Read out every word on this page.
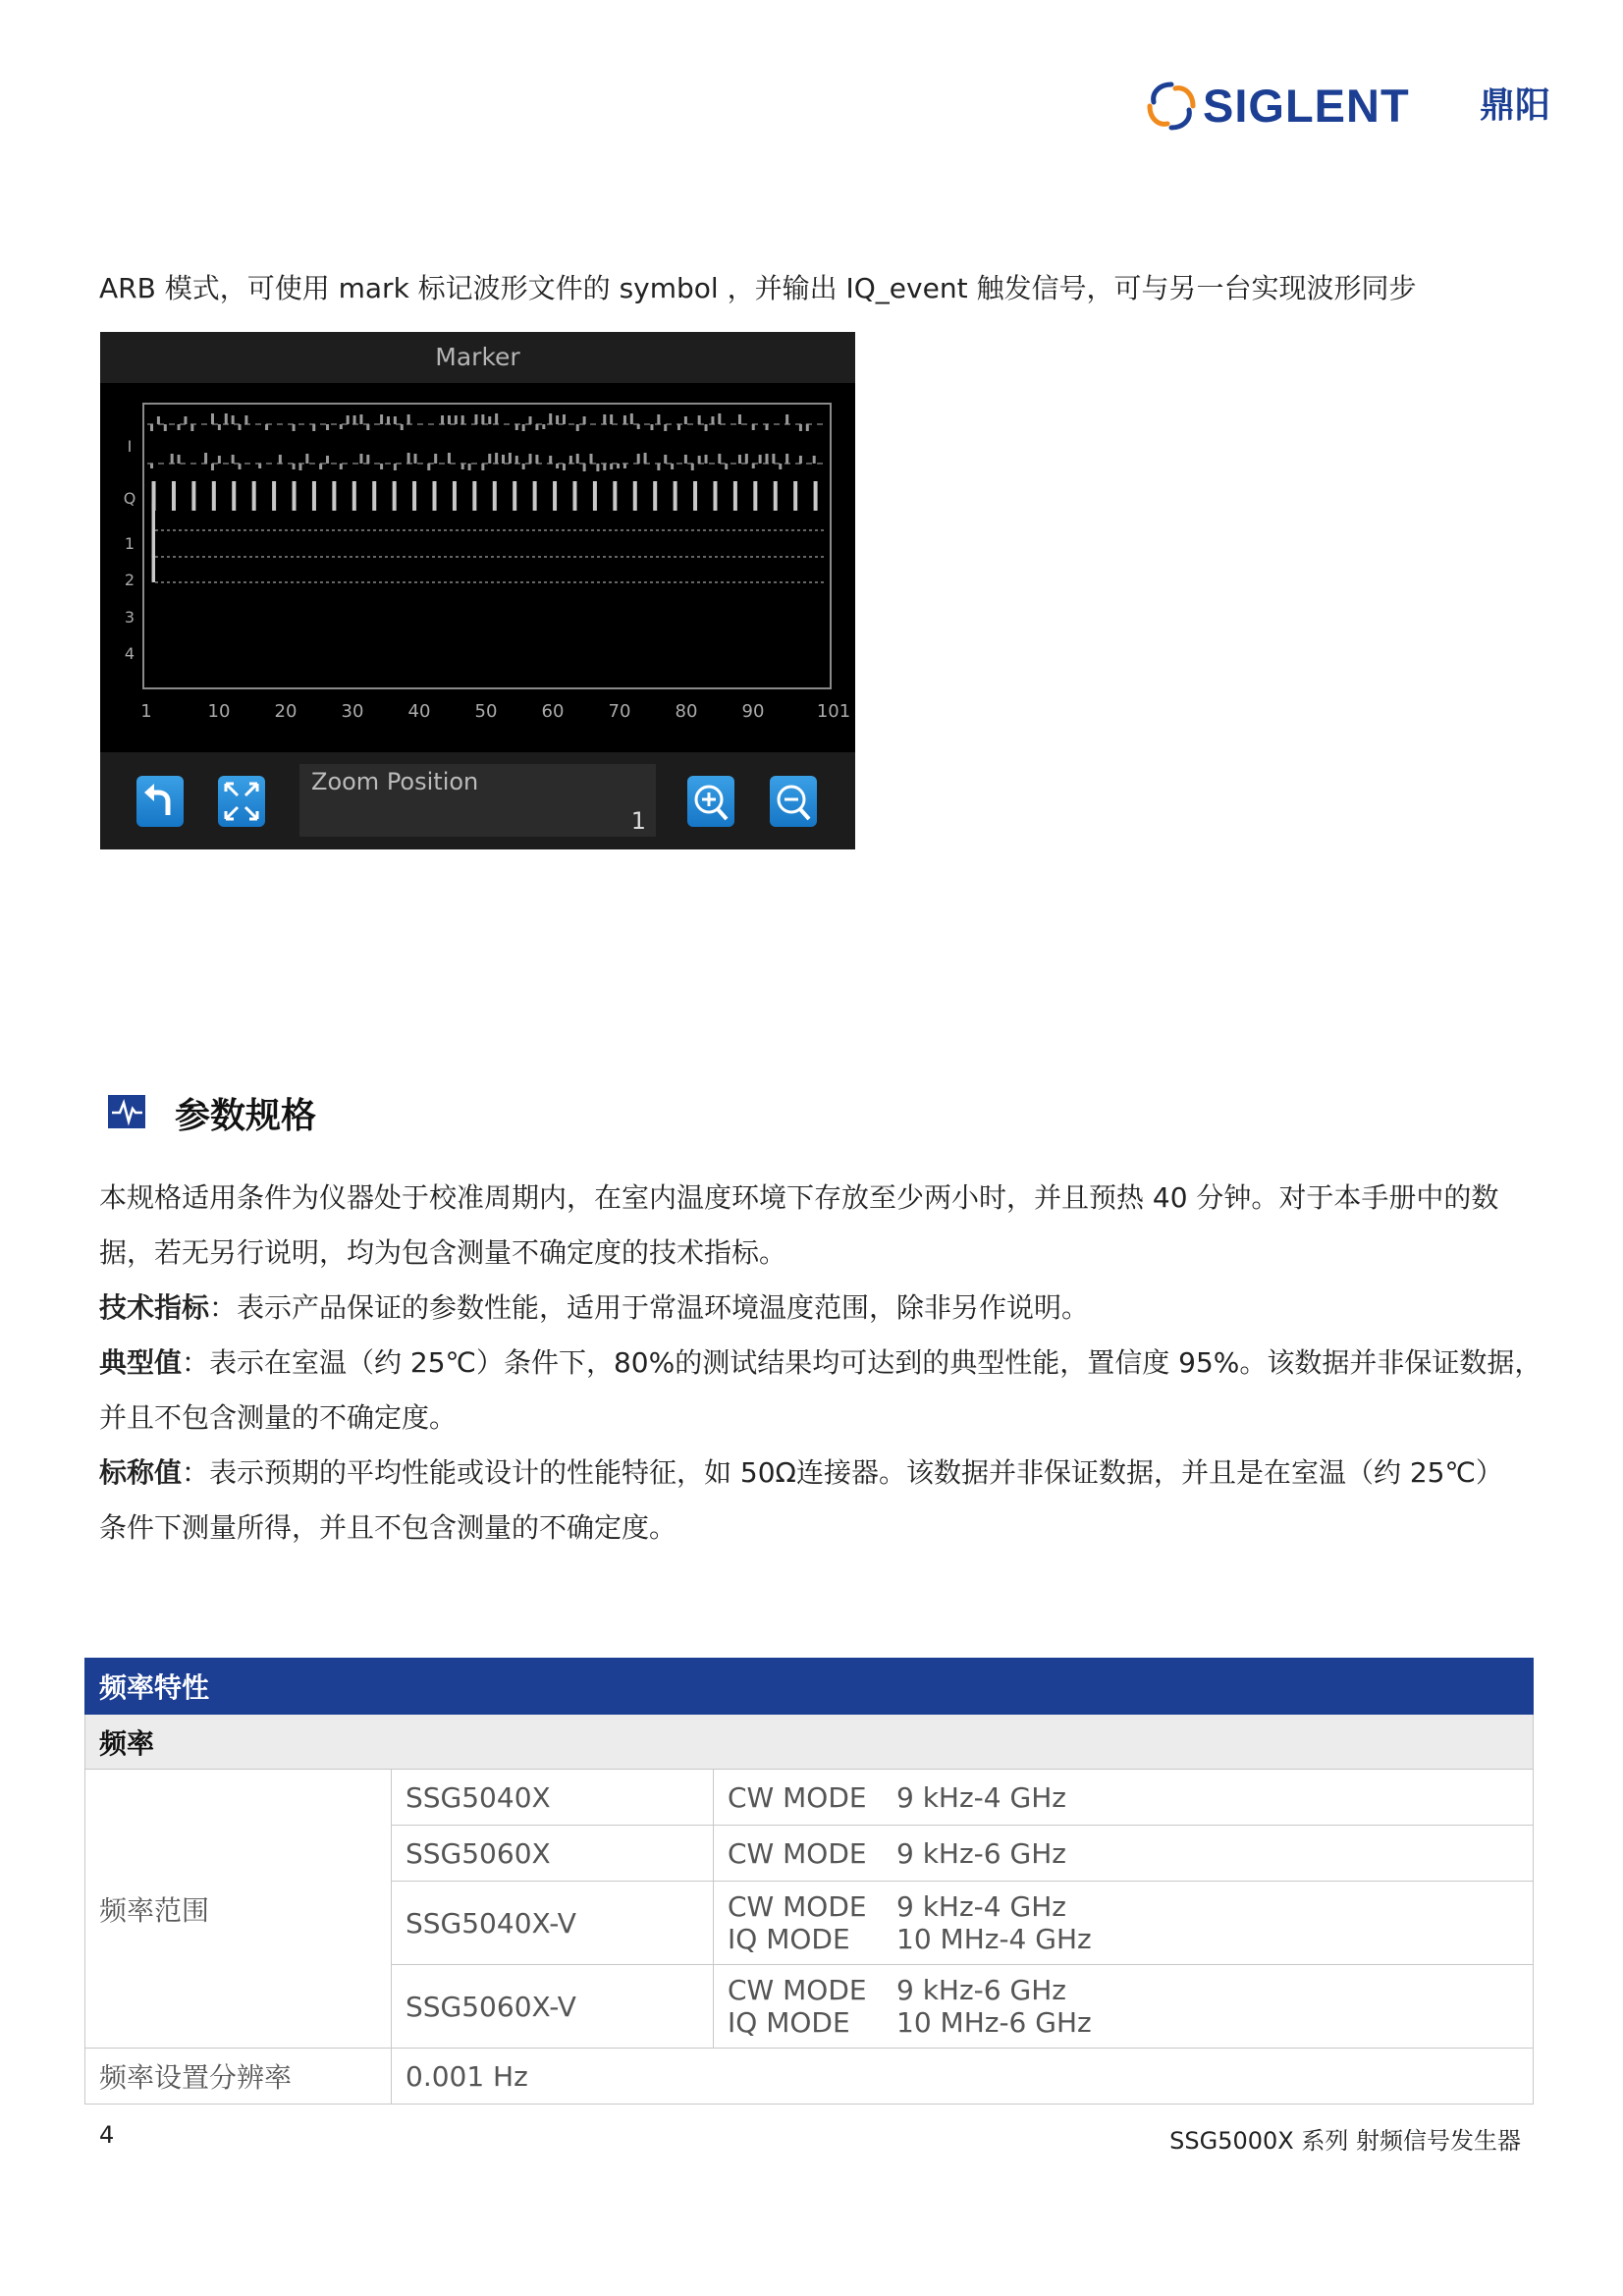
SIGLENT 鼎阳
ARB 模式，可使用 mark 标记波形文件的 symbol ，并输出 IQ_event 触发信号，可与另一台实现波形同步
Marker
I
Q
1
2
3
4
1	10	20	30	40	50	60	70	80	90	101
Zoom Position
1
参数规格
本规格适用条件为仪器处于校准周期内，在室内温度环境下存放至少两小时，并且预热 40 分钟。对于本手册中的数
据，若无另行说明，均为包含测量不确定度的技术指标。
技术指标：表示产品保证的参数性能，适用于常温环境温度范围，除非另作说明。
典型值：表示在室温（约 25℃）条件下，80%的测试结果均可达到的典型性能，置信度 95%。该数据并非保证数据，
并且不包含测量的不确定度。
标称值：表示预期的平均性能或设计的性能特征，如 50Ω连接器。该数据并非保证数据，并且是在室温（约 25℃）
条件下测量所得，并且不包含测量的不确定度。
频率特性		
频率		
频率范围	SSG5040X	CW MODE 9 kHz-4 GHz
	SSG5060X	CW MODE 9 kHz-6 GHz
	SSG5040X-V	CW MODE 9 kHz-4 GHz
IQ MODE 10 MHz-4 GHz

	SSG5060X-V	CW MODE 9 kHz-6 GHz
IQ MODE 10 MHz-6 GHz

频率设置分辨率	0.001 Hz	
4	SSG5000X 系列 射频信号发生器
